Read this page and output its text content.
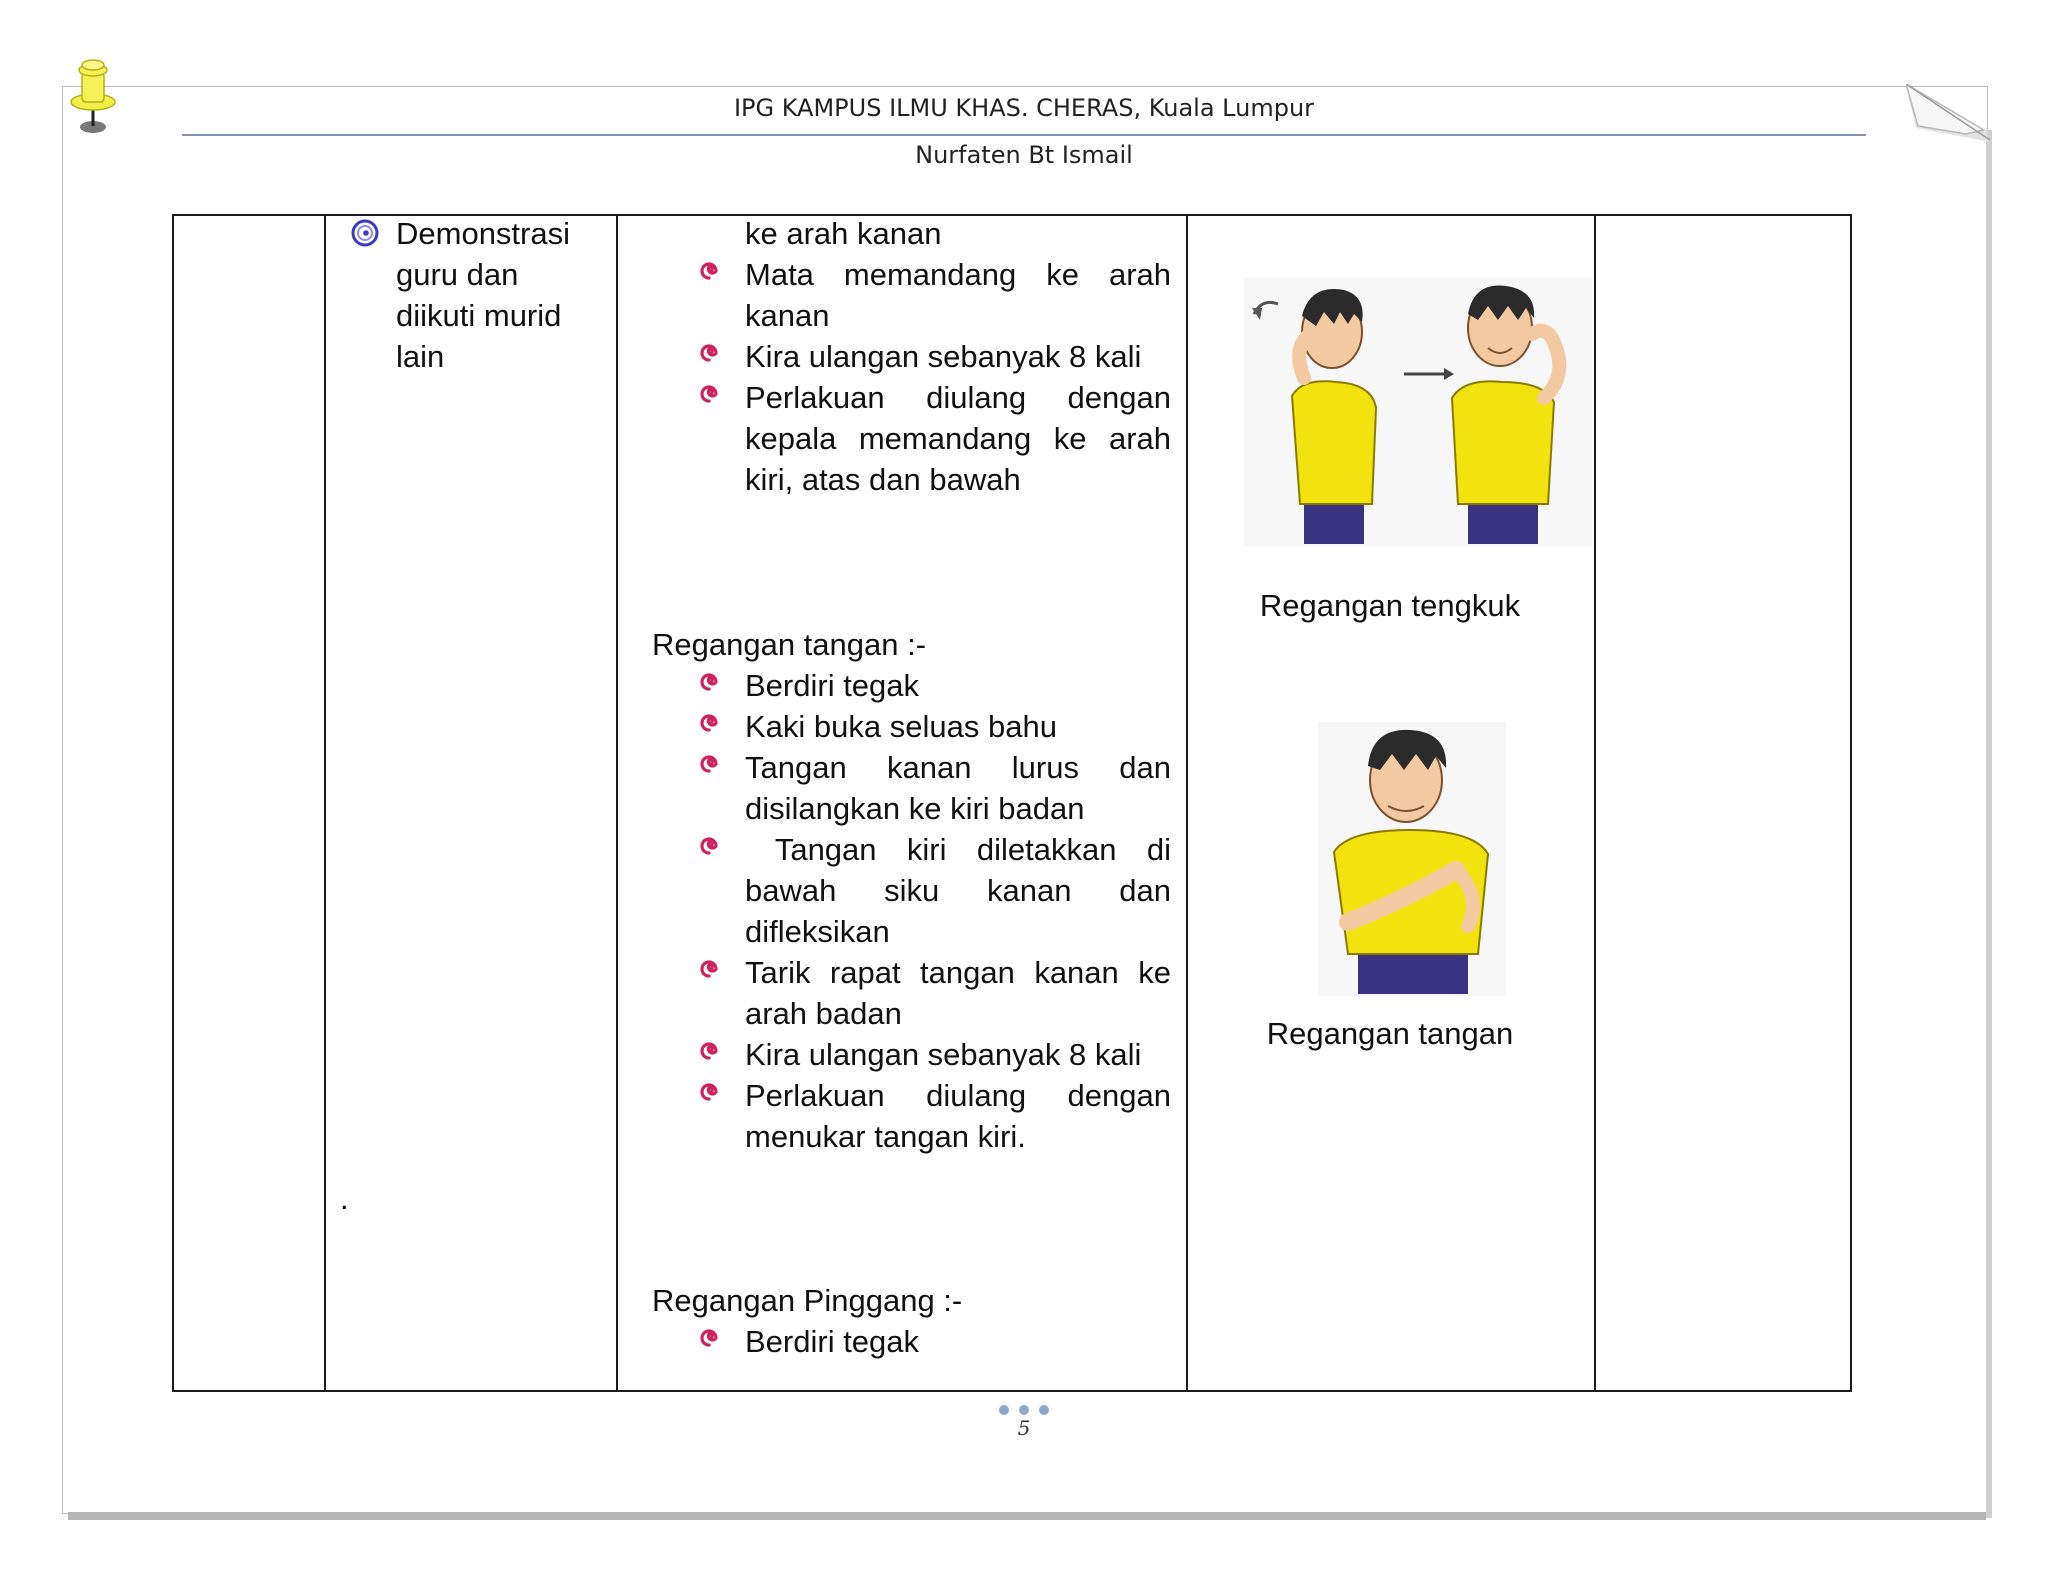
IPG KAMPUS ILMU KHAS. CHERAS, Kuala Lumpur
Nurfaten Bt Ismail
Demonstrasi
guru dan
diikuti murid
lain
.
ke arah kanan
Mata memandang ke arah
kanan
Kira ulangan sebanyak 8 kali
Perlakuan diulang dengan
kepala memandang ke arah
kiri, atas dan bawah
Regangan tangan :-
Berdiri tegak
Kaki buka seluas bahu
Tangan kanan lurus dan
disilangkan ke kiri badan
Tangan kiri diletakkan di
bawah siku kanan dan
difleksikan
Tarik rapat tangan kanan ke
arah badan
Kira ulangan sebanyak 8 kali
Perlakuan diulang dengan
menukar tangan kiri.
Regangan Pinggang :-
Berdiri tegak
Regangan tengkuk
Regangan tangan
5
